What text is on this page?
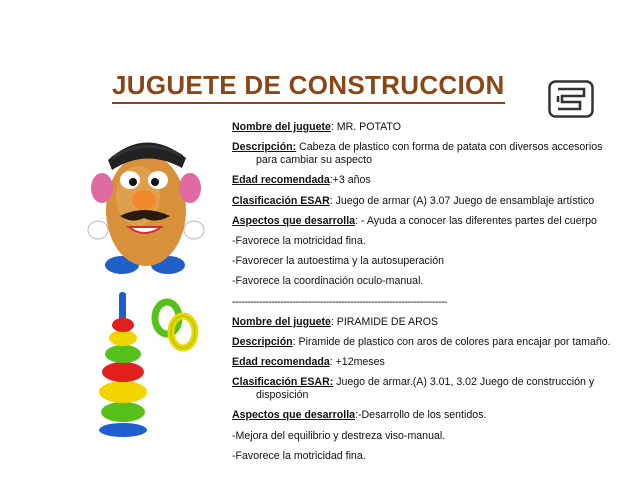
JUGUETE DE CONSTRUCCION
Nombre del juguete: MR. POTATO
Descripción: Cabeza de plastico con forma de patata con diversos accesorios para cambiar su aspecto
Edad recomendada:+3 años
Clasificación ESAR: Juego de armar (A) 3.07 Juego de ensamblaje artístico
Aspectos que desarrolla: - Ayuda a conocer las diferentes partes del cuerpo
-Favorece la motricidad fina.
-Favorecer la autoestima y la autosuperación
-Favorece la coordinación oculo-manual.
-----------------------------------------------------------------------
Nombre del juguete: PIRAMIDE DE AROS
Descripción: Piramide de plastico con aros de colores para encajar por tamaño.
Edad recomendada: +12meses
Clasificación ESAR: Juego de armar.(A) 3.01, 3.02 Juego de construcción y disposición
Aspectos que desarrolla:-Desarrollo de los sentidos.
-Mejora del equilibrio y destreza viso-manual.
-Favorece la motricidad fina.
